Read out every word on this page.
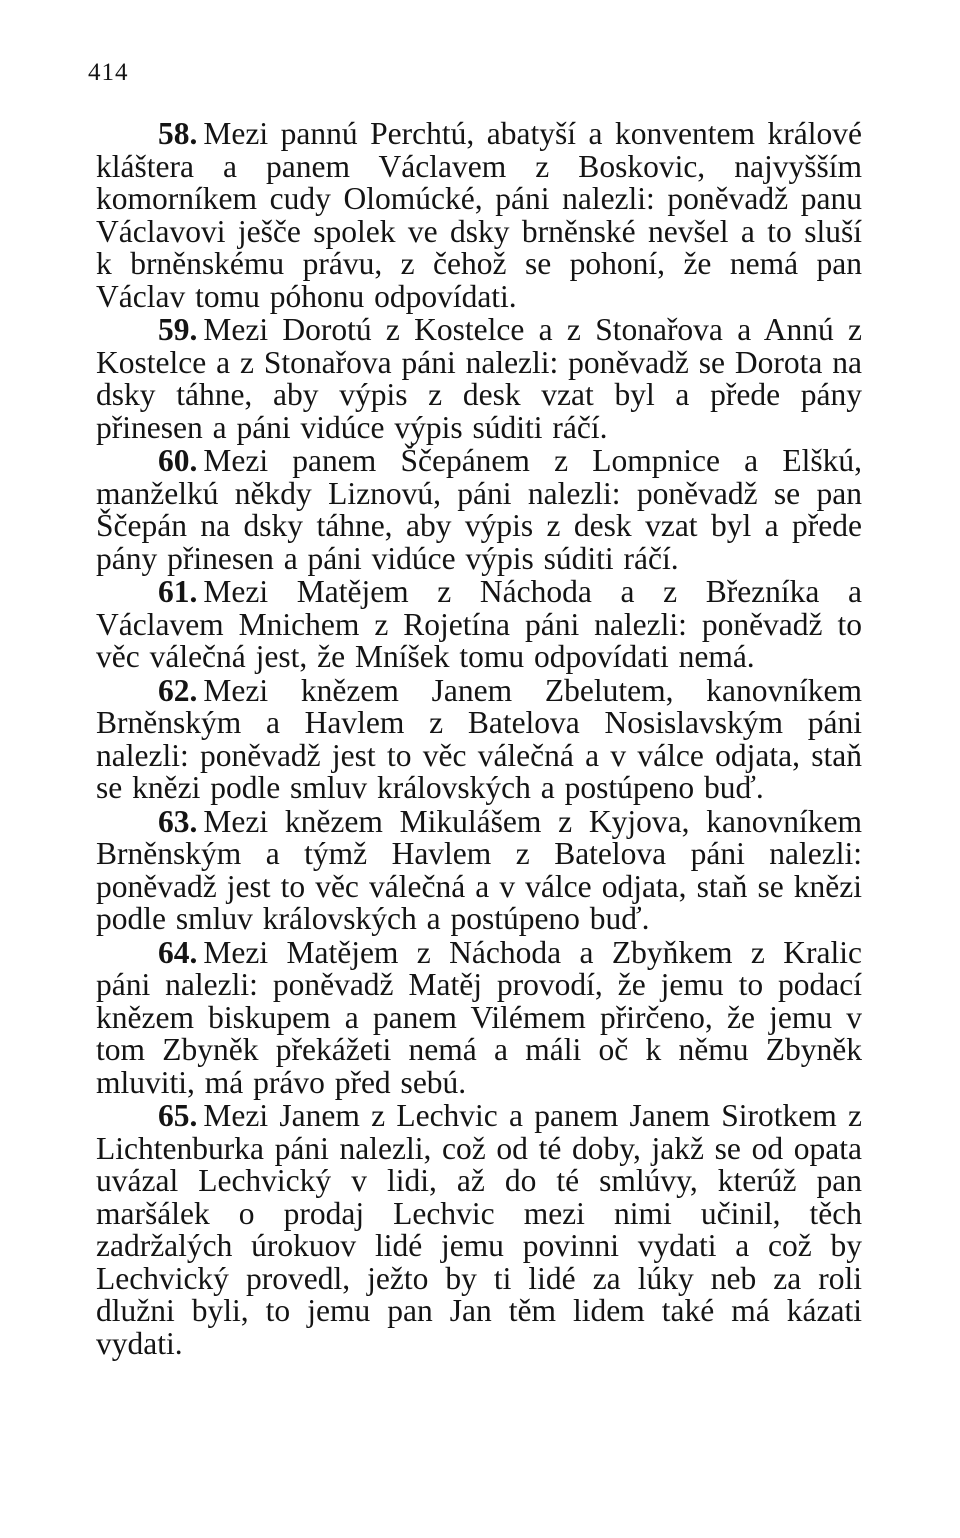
414

58. Mezi pannú Perchtú, abatyší a konventem králové kláštera a panem Václavem z Boskovic, najvyšším komorníkem cudy Olomúcké, páni nalezli: poněvadž panu Václavovi ješče spolek ve dsky brněnské nevšel a to sluší k brněnskému právu, z čehož se pohoní, že nemá pan Václav tomu póhonu odpovídati.

59. Mezi Dorotú z Kostelce a z Stonařova a Annú z Kostelce a z Stonařova páni nalezli: poněvadž se Dorota na dsky táhne, aby výpis z desk vzat byl a přede pány přinesen a páni vidúce výpis súditi ráčí.

60. Mezi panem Ščepánem z Lompnice a Elškú, manželkú někdy Liznovú, páni nalezli: poněvadž se pan Ščepán na dsky táhne, aby výpis z desk vzat byl a přede pány přinesen a páni vidúce výpis súditi ráčí.

61. Mezi Matějem z Náchoda a z Březníka a Václavem Mnichem z Rojetína páni nalezli: poněvadž to věc válečná jest, že Mníšek tomu odpovídati nemá.

62. Mezi knězem Janem Zbelutem, kanovníkem Brněnským a Havlem z Batelova Nosislavským páni nalezli: poněvadž jest to věc válečná a v válce odjata, staň se knězi podle smluv královských a postúpeno buď.

63. Mezi knězem Mikulášem z Kyjova, kanovníkem Brněnským a týmž Havlem z Batelova páni nalezli: poněvadž jest to věc válečná a v válce odjata, staň se knězi podle smluv královských a postúpeno buď.

64. Mezi Matějem z Náchoda a Zbyňkem z Kralic páni nalezli: poněvadž Matěj provodí, že jemu to podací knězem biskupem a panem Vilémem přirčeno, že jemu v tom Zbyněk překážeti nemá a máli oč k němu Zbyněk mluviti, má právo před sebú.

65. Mezi Janem z Lechvic a panem Janem Sirotkem z Lichtenburka páni nalezli, což od té doby, jakž se od opata uvázal Lechvický v lidi, až do té smlúvy, kterúž pan maršálek o prodaj Lechvic mezi nimi učinil, těch zadržalých úrokuov lidé jemu povinni vydati a což by Lechvický provedl, ježto by ti lidé za lúky neb za roli dlužni byli, to jemu pan Jan těm lidem také má kázati vydati.
